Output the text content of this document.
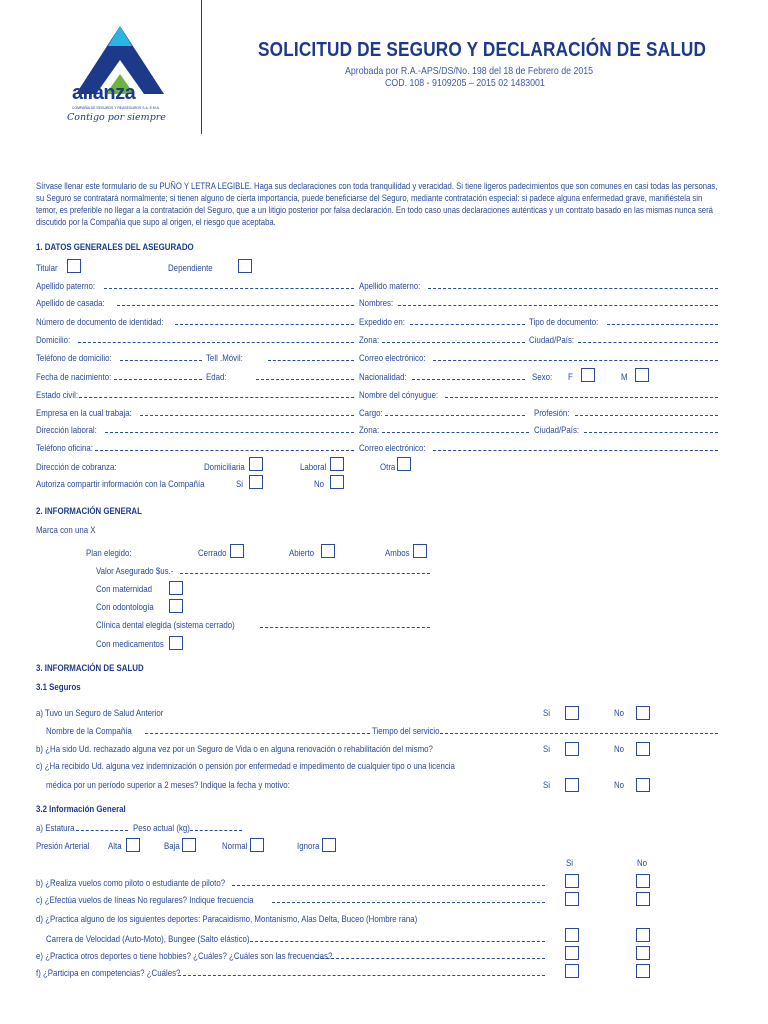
alianza
COMPAÑÍA DE SEGUROS Y REASEGUROS S.A. E.M.A.
Contigo por siempre
SOLICITUD DE SEGURO Y DECLARACIÓN DE SALUD
Aprobada por R.A.-APS/DS/No. 198 del 18 de Febrero de 2015
COD. 108 - 9109205 – 2015 02 1483001
Sírvase llenar este formulario de su PUÑO Y LETRA LEGIBLE. Haga sus declaraciones con toda tranquilidad y veracidad. Si tiene ligeros padecimientos que son comunes en casi todas las personas, su Seguro se contratará normalmente; si tienen alguno de cierta importancia, puede beneficiarse del Seguro, mediante contratación especial: si padece alguna enfermedad grave, manifiéstela sin temor, es preferible no llegar a la contratación del Seguro, que a un litigio posterior por falsa declaración. En todo caso unas declaraciones auténticas y un contrato basado en las mismas nunca será discutido por la Compañía que supo al origen, el riesgo que aceptaba.
1. DATOS GENERALES DEL ASEGURADO
Titular	Dependiente
Apellido paterno:	Apellido materno:
Apellido de casada:	Nombres:
Número de documento de identidad:	Expedido en:	Tipo de documento:
Domicilio:	Zona:	Ciudad/País:
Teléfono de domicilio:	Tell .Móvil:	Correo electrónico:
Fecha de nacimiento:	Edad:	Nacionalidad:	Sexo: F	M
Estado civil:	Nombre del cónyugue:
Empresa en la cual trabaja:	Cargo:	Profesión:
Dirección laboral:	Zona:	Ciudad/País:
Teléfono oficina:	Correo electrónico:
Dirección de cobranza:	Domiciliaria	Laboral	Otra
Autoriza compartir información con la Compañía	Si	No
2. INFORMACIÓN GENERAL
Marca con una X
Plan elegido:	Cerrado	Abierto	Ambos
Valor Asegurado $us.-
Con maternidad
Con odontología
Clínica dental elegida (sistema cerrado)
Con medicamentos
3. INFORMACIÓN DE SALUD
3.1 Seguros
a) Tuvo un Seguro de Salud Anterior	Si	No
Nombre de la Compañía	Tiempo del servicio
b) ¿Ha sido Ud. rechazado alguna vez por un Seguro de Vida o en alguna renovación o rehabilitación del mismo?	Si	No
c) ¿Ha recibido Ud. alguna vez indemnización o pensión por enfermedad e impedimento de cualquier tipo o una licencia
médica por un período superior a 2 meses? Indique la fecha y motivo:	Si	No
3.2 Información General
a) Estatura	Peso actual (kg)
Presión Arterial Alta	Baja	Normal	Ignora
Si	No
b) ¿Realiza vuelos como piloto o estudiante de piloto?
c) ¿Efectúa vuelos de líneas No regulares? Indique frecuencia
d) ¿Practica alguno de los siguientes deportes: Paracaidismo, Montanismo, Alas Delta, Buceo (Hombre rana)
Carrera de Velocidad (Auto-Moto), Bungee (Salto elástico).
e) ¿Practica otros deportes o tiene hobbies? ¿Cuáles? ¿Cuáles son las frecuencias?
f) ¿Participa en competencias? ¿Cuáles?
